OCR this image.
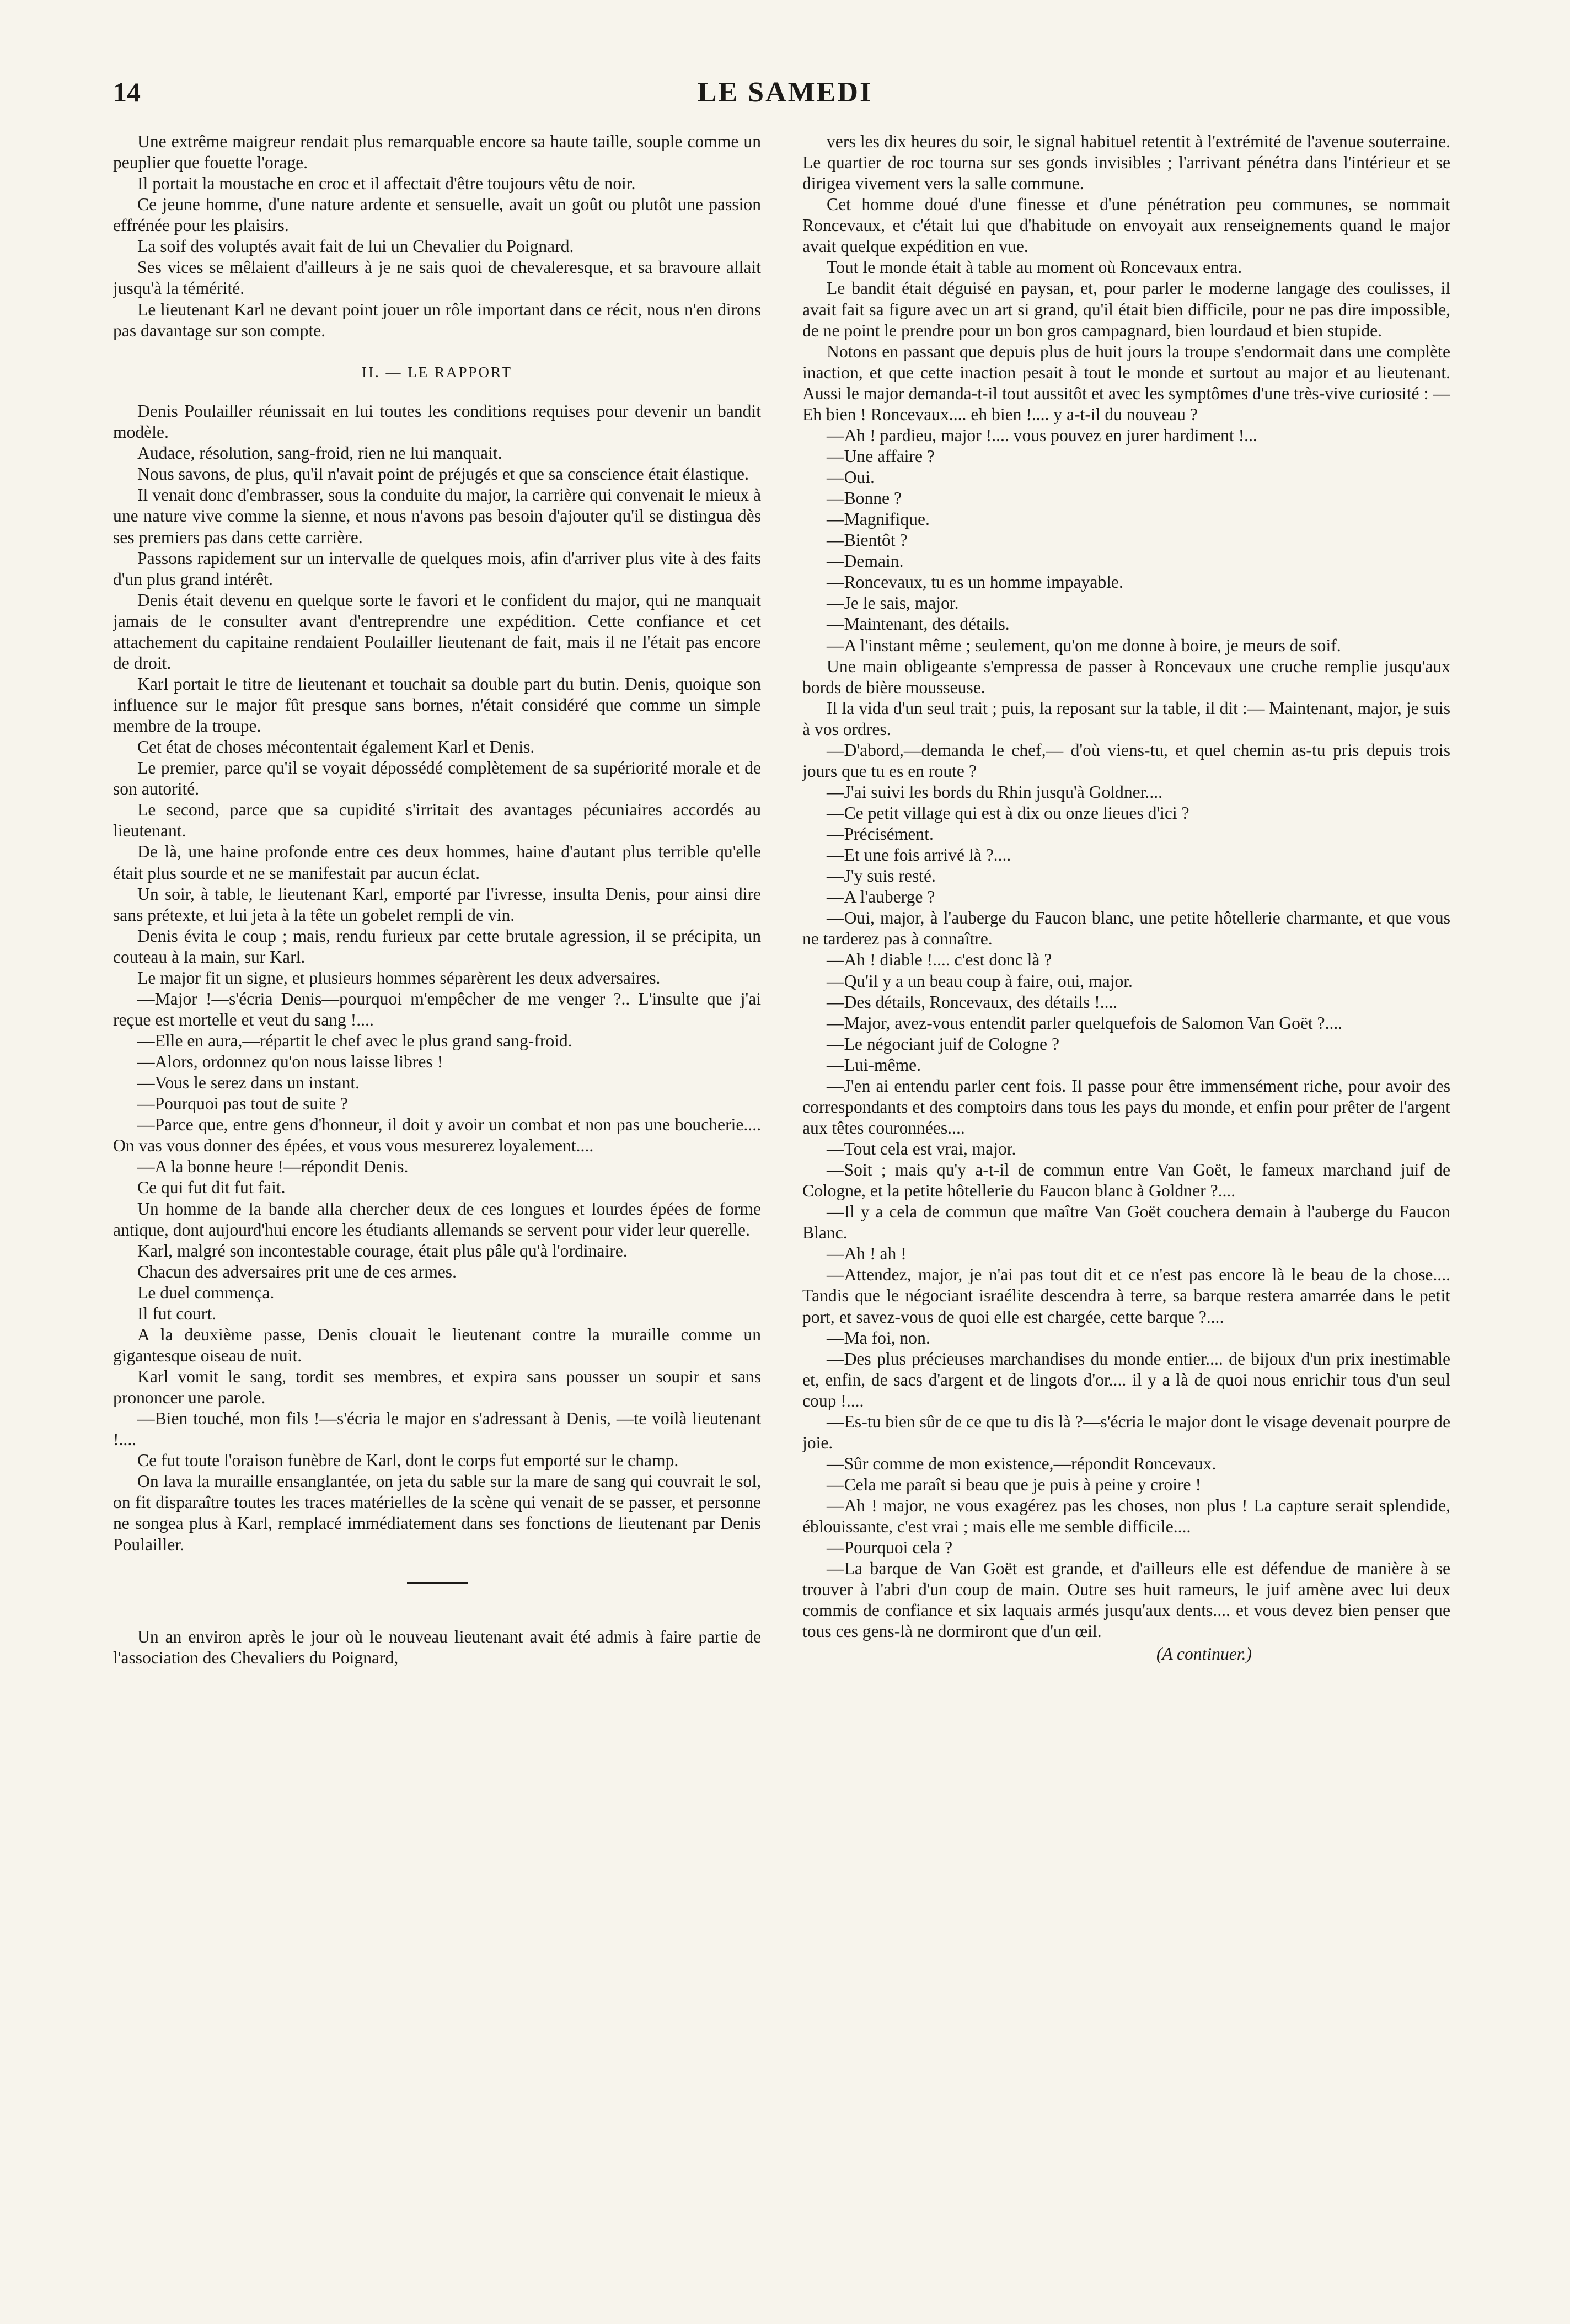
14	LE SAMEDI

Une extrême maigreur rendait plus remarquable encore sa haute taille, souple comme un peuplier que fouette l'orage.

Il portait la moustache en croc et il affectait d'être toujours vêtu de noir.

Ce jeune homme, d'une nature ardente et sensuelle, avait un goût ou plutôt une passion effrénée pour les plaisirs.

La soif des voluptés avait fait de lui un Chevalier du Poignard.

Ses vices se mêlaient d'ailleurs à je ne sais quoi de chevaleresque, et sa bravoure allait jusqu'à la témérité.

Le lieutenant Karl ne devant point jouer un rôle important dans ce récit, nous n'en dirons pas davantage sur son compte.

II. — LE RAPPORT

Denis Poulailler réunissait en lui toutes les conditions requises pour devenir un bandit modèle.

Audace, résolution, sang-froid, rien ne lui manquait.

Nous savons, de plus, qu'il n'avait point de préjugés et que sa conscience était élastique.

Il venait donc d'embrasser, sous la conduite du major, la carrière qui convenait le mieux à une nature vive comme la sienne, et nous n'avons pas besoin d'ajouter qu'il se distingua dès ses premiers pas dans cette carrière.

Passons rapidement sur un intervalle de quelques mois, afin d'arriver plus vite à des faits d'un plus grand intérêt.

Denis était devenu en quelque sorte le favori et le confident du major, qui ne manquait jamais de le consulter avant d'entreprendre une expédition. Cette confiance et cet attachement du capitaine rendaient Poulailler lieutenant de fait, mais il ne l'était pas encore de droit.

Karl portait le titre de lieutenant et touchait sa double part du butin. Denis, quoique son influence sur le major fût presque sans bornes, n'était considéré que comme un simple membre de la troupe.

Cet état de choses mécontentait également Karl et Denis.

Le premier, parce qu'il se voyait dépossédé complètement de sa supériorité morale et de son autorité.

Le second, parce que sa cupidité s'irritait des avantages pécuniaires accordés au lieutenant.

De là, une haine profonde entre ces deux hommes, haine d'autant plus terrible qu'elle était plus sourde et ne se manifestait par aucun éclat.

Un soir, à table, le lieutenant Karl, emporté par l'ivresse, insulta Denis, pour ainsi dire sans prétexte, et lui jeta à la tête un gobelet rempli de vin.

Denis évita le coup ; mais, rendu furieux par cette brutale agression, il se précipita, un couteau à la main, sur Karl.

Le major fit un signe, et plusieurs hommes séparèrent les deux adversaires.

—Major !—s'écria Denis—pourquoi m'empêcher de me venger ?.. L'insulte que j'ai reçue est mortelle et veut du sang !....

—Elle en aura,—répartit le chef avec le plus grand sang-froid.

—Alors, ordonnez qu'on nous laisse libres !

—Vous le serez dans un instant.

—Pourquoi pas tout de suite ?

—Parce que, entre gens d'honneur, il doit y avoir un combat et non pas une boucherie.... On vas vous donner des épées, et vous vous mesurerez loyalement....

—A la bonne heure !—répondit Denis.

Ce qui fut dit fut fait.

Un homme de la bande alla chercher deux de ces longues et lourdes épées de forme antique, dont aujourd'hui encore les étudiants allemands se servent pour vider leur querelle.

Karl, malgré son incontestable courage, était plus pâle qu'à l'ordinaire.

Chacun des adversaires prit une de ces armes.

Le duel commença.

Il fut court.

A la deuxième passe, Denis clouait le lieutenant contre la muraille comme un gigantesque oiseau de nuit.

Karl vomit le sang, tordit ses membres, et expira sans pousser un soupir et sans prononcer une parole.

—Bien touché, mon fils !—s'écria le major en s'adressant à Denis, —te voilà lieutenant !....

Ce fut toute l'oraison funèbre de Karl, dont le corps fut emporté sur le champ.

On lava la muraille ensanglantée, on jeta du sable sur la mare de sang qui couvrait le sol, on fit disparaître toutes les traces matérielles de la scène qui venait de se passer, et personne ne songea plus à Karl, remplacé immédiatement dans ses fonctions de lieutenant par Denis Poulailler.

Un an environ après le jour où le nouveau lieutenant avait été admis à faire partie de l'association des Chevaliers du Poignard,

vers les dix heures du soir, le signal habituel retentit à l'extrémité de l'avenue souterraine. Le quartier de roc tourna sur ses gonds invisibles ; l'arrivant pénétra dans l'intérieur et se dirigea vivement vers la salle commune.

Cet homme doué d'une finesse et d'une pénétration peu communes, se nommait Roncevaux, et c'était lui que d'habitude on envoyait aux renseignements quand le major avait quelque expédition en vue.

Tout le monde était à table au moment où Roncevaux entra.

Le bandit était déguisé en paysan, et, pour parler le moderne langage des coulisses, il avait fait sa figure avec un art si grand, qu'il était bien difficile, pour ne pas dire impossible, de ne point le prendre pour un bon gros campagnard, bien lourdaud et bien stupide.

Notons en passant que depuis plus de huit jours la troupe s'endormait dans une complète inaction, et que cette inaction pesait à tout le monde et surtout au major et au lieutenant. Aussi le major demanda-t-il tout aussitôt et avec les symptômes d'une très-vive curiosité : — Eh bien ! Roncevaux.... eh bien !.... y a-t-il du nouveau ?

—Ah ! pardieu, major !.... vous pouvez en jurer hardiment !...

—Une affaire ?

—Oui.

—Bonne ?

—Magnifique.

—Bientôt ?

—Demain.

—Roncevaux, tu es un homme impayable.

—Je le sais, major.

—Maintenant, des détails.

—A l'instant même ; seulement, qu'on me donne à boire, je meurs de soif.

Une main obligeante s'empressa de passer à Roncevaux une cruche remplie jusqu'aux bords de bière mousseuse.

Il la vida d'un seul trait ; puis, la reposant sur la table, il dit :— Maintenant, major, je suis à vos ordres.

—D'abord,—demanda le chef,— d'où viens-tu, et quel chemin as-tu pris depuis trois jours que tu es en route ?

—J'ai suivi les bords du Rhin jusqu'à Goldner....

—Ce petit village qui est à dix ou onze lieues d'ici ?

—Précisément.

—Et une fois arrivé là ?....

—J'y suis resté.

—A l'auberge ?

—Oui, major, à l'auberge du Faucon blanc, une petite hôtellerie charmante, et que vous ne tarderez pas à connaître.

—Ah ! diable !.... c'est donc là ?

—Qu'il y a un beau coup à faire, oui, major.

—Des détails, Roncevaux, des détails !....

—Major, avez-vous entendit parler quelquefois de Salomon Van Goët ?....

—Le négociant juif de Cologne ?

—Lui-même.

—J'en ai entendu parler cent fois. Il passe pour être immensément riche, pour avoir des correspondants et des comptoirs dans tous les pays du monde, et enfin pour prêter de l'argent aux têtes couronnées....

—Tout cela est vrai, major.

—Soit ; mais qu'y a-t-il de commun entre Van Goët, le fameux marchand juif de Cologne, et la petite hôtellerie du Faucon blanc à Goldner ?....

—Il y a cela de commun que maître Van Goët couchera demain à l'auberge du Faucon Blanc.

—Ah ! ah !

—Attendez, major, je n'ai pas tout dit et ce n'est pas encore là le beau de la chose.... Tandis que le négociant israélite descendra à terre, sa barque restera amarrée dans le petit port, et savez-vous de quoi elle est chargée, cette barque ?....

—Ma foi, non.

—Des plus précieuses marchandises du monde entier.... de bijoux d'un prix inestimable et, enfin, de sacs d'argent et de lingots d'or.... il y a là de quoi nous enrichir tous d'un seul coup !....

—Es-tu bien sûr de ce que tu dis là ?—s'écria le major dont le visage devenait pourpre de joie.

—Sûr comme de mon existence,—répondit Roncevaux.

—Cela me paraît si beau que je puis à peine y croire !

—Ah ! major, ne vous exagérez pas les choses, non plus ! La capture serait splendide, éblouissante, c'est vrai ; mais elle me semble difficile....

—Pourquoi cela ?

—La barque de Van Goët est grande, et d'ailleurs elle est défendue de manière à se trouver à l'abri d'un coup de main. Outre ses huit rameurs, le juif amène avec lui deux commis de confiance et six laquais armés jusqu'aux dents.... et vous devez bien penser que tous ces gens-là ne dormiront que d'un œil.

(A continuer.)
